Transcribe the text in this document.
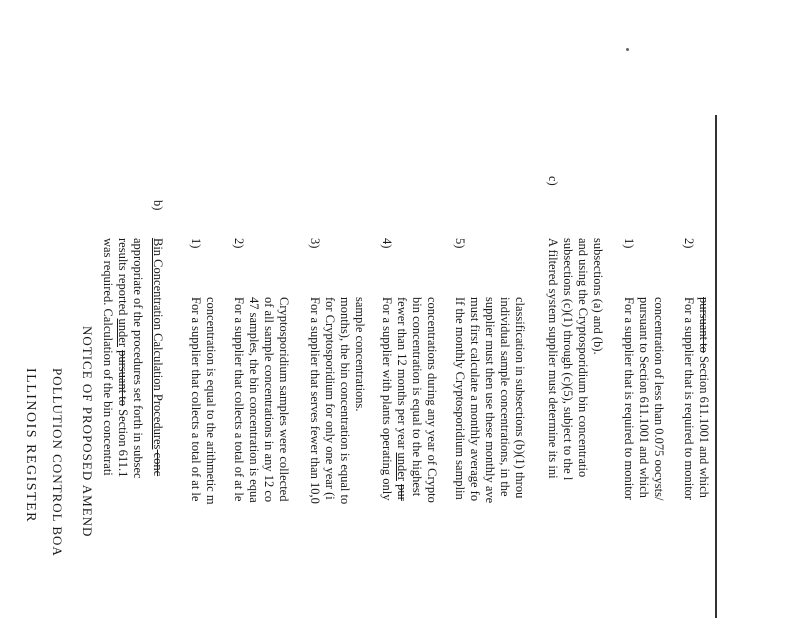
ILLINOIS REGISTER POLLUTION CONTROL BOA NOTICE OF PROPOSED AMEND was required. Calculation of the bin concentrati results reported under pursuant to Section 611.1 appropriate of the procedures set forth in subsec
b)
Bin Concentration Calculation Procedures conc
1)
For a supplier that collects a total of at le concentration is equal to the arithmetic m
2)
For a supplier that collects a total of at le 47 samples, the bin concentration is equa of all sample concentrations in any 12 co Cryptosporidium samples were collected
3)
For a supplier that serves fewer than 10,0 for Cryptosporidium for only one year (i months), the bin concentration is equal to sample concentrations.
4)
For a supplier with plants operating only fewer than 12 months per year under pur bin concentration is equal to the highest concentrations during any year of Crypto
5)
If the monthly Cryptosporidium samplin must first calculate a monthly average fo supplier must then use these monthly ave individual sample concentrations, in the classification in subsections (b)(1) throu
c)
A filtered system supplier must determine its ini subsections (c)(1) through (c)(5), subject to the l and using the Cryptosporidium bin concentratio subsections (a) and (b). 1)
For a supplier that is required to monitor pursuant to Section 611.1001 and which concentration of less than 0.075 oocysts/
2)
For a supplier that is required to monitor pursuant to Section 611.1001 and which
